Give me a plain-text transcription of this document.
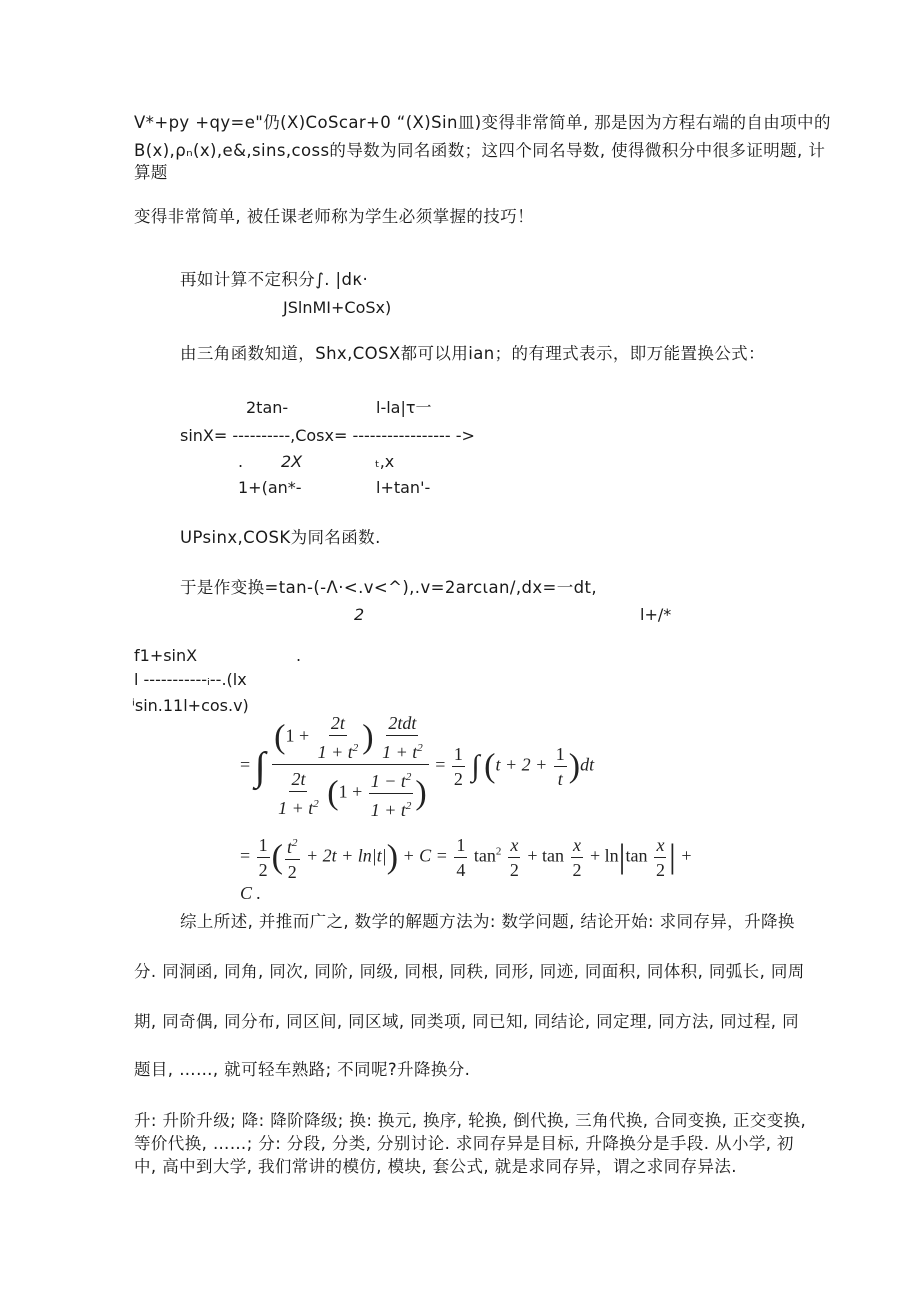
V*+py +qy=e"仍(X)CoScar+0 “(X)Sin皿)变得非常简单, 那是因为方程右端的自由项中的
B(x),ρₙ(x),e&,sins,coss的导数为同名函数；这四个同名导数, 使得微积分中很多证明题, 计
算题
变得非常简单, 被任课老师称为学生必须掌握的技巧！
再如计算不定积分∫. |dκ·
JSlnMI+CoSx)
由三角函数知道，Shx,COSX都可以用ian；的有理式表示，即万能置换公式：
2tan-	l-la|τ一
sinX= ----------,Cosx= ----------------- ->
. 2X	ₜ,x
1+(an*-	l+tan'-
UPsinx,COSK为同名函数.
于是作变换=tan-(-Λ·<.v<^),.v=2arcιan/,dx=一dt,
2	l+/*
f1+sinX	.
l -----------ᵢ--.(lx
ⁱsin.11l+cos.v)
= ∫ $\frac{(1 + \frac{2t}{1 + t^2} ) \frac{\text{2tdt}}{1 + t^2}}{\frac{2t}{1 + t^2} (1 + \frac{1 - t^2}{1 + t^2} )} = \frac{1}{2}$ ∫ $(t + 2 + \frac{1}{t} )dt$
= $\frac{1}{2}$ ( $\frac{t^2}{2} + 2t + \ln|t|) + C = \frac{1}{4} \tan^2 \frac{x}{2} + \tan \frac{x}{2} + \ln|\tan \frac{x}{2}$ | + C .
综上所述, 并推而广之, 数学的解题方法为: 数学问题, 结论开始: 求同存异，升降换
分. 同洞函, 同角, 同次, 同阶, 同级, 同根, 同秩, 同形, 同迹, 同面积, 同体积, 同弧长, 同周
期, 同奇偶, 同分布, 同区间, 同区域, 同类项, 同已知, 同结论, 同定理, 同方法, 同过程, 同
题目, ……, 就可轻车熟路; 不同呢?升降换分.
升: 升阶升级; 降: 降阶降级; 换: 换元, 换序, 轮换, 倒代换, 三角代换, 合同变换, 正交变换,
等价代换, ……; 分: 分段, 分类, 分别讨论. 求同存异是目标, 升降换分是手段. 从小学, 初
中, 高中到大学, 我们常讲的模仿, 模块, 套公式, 就是求同存异，谓之求同存异法.
